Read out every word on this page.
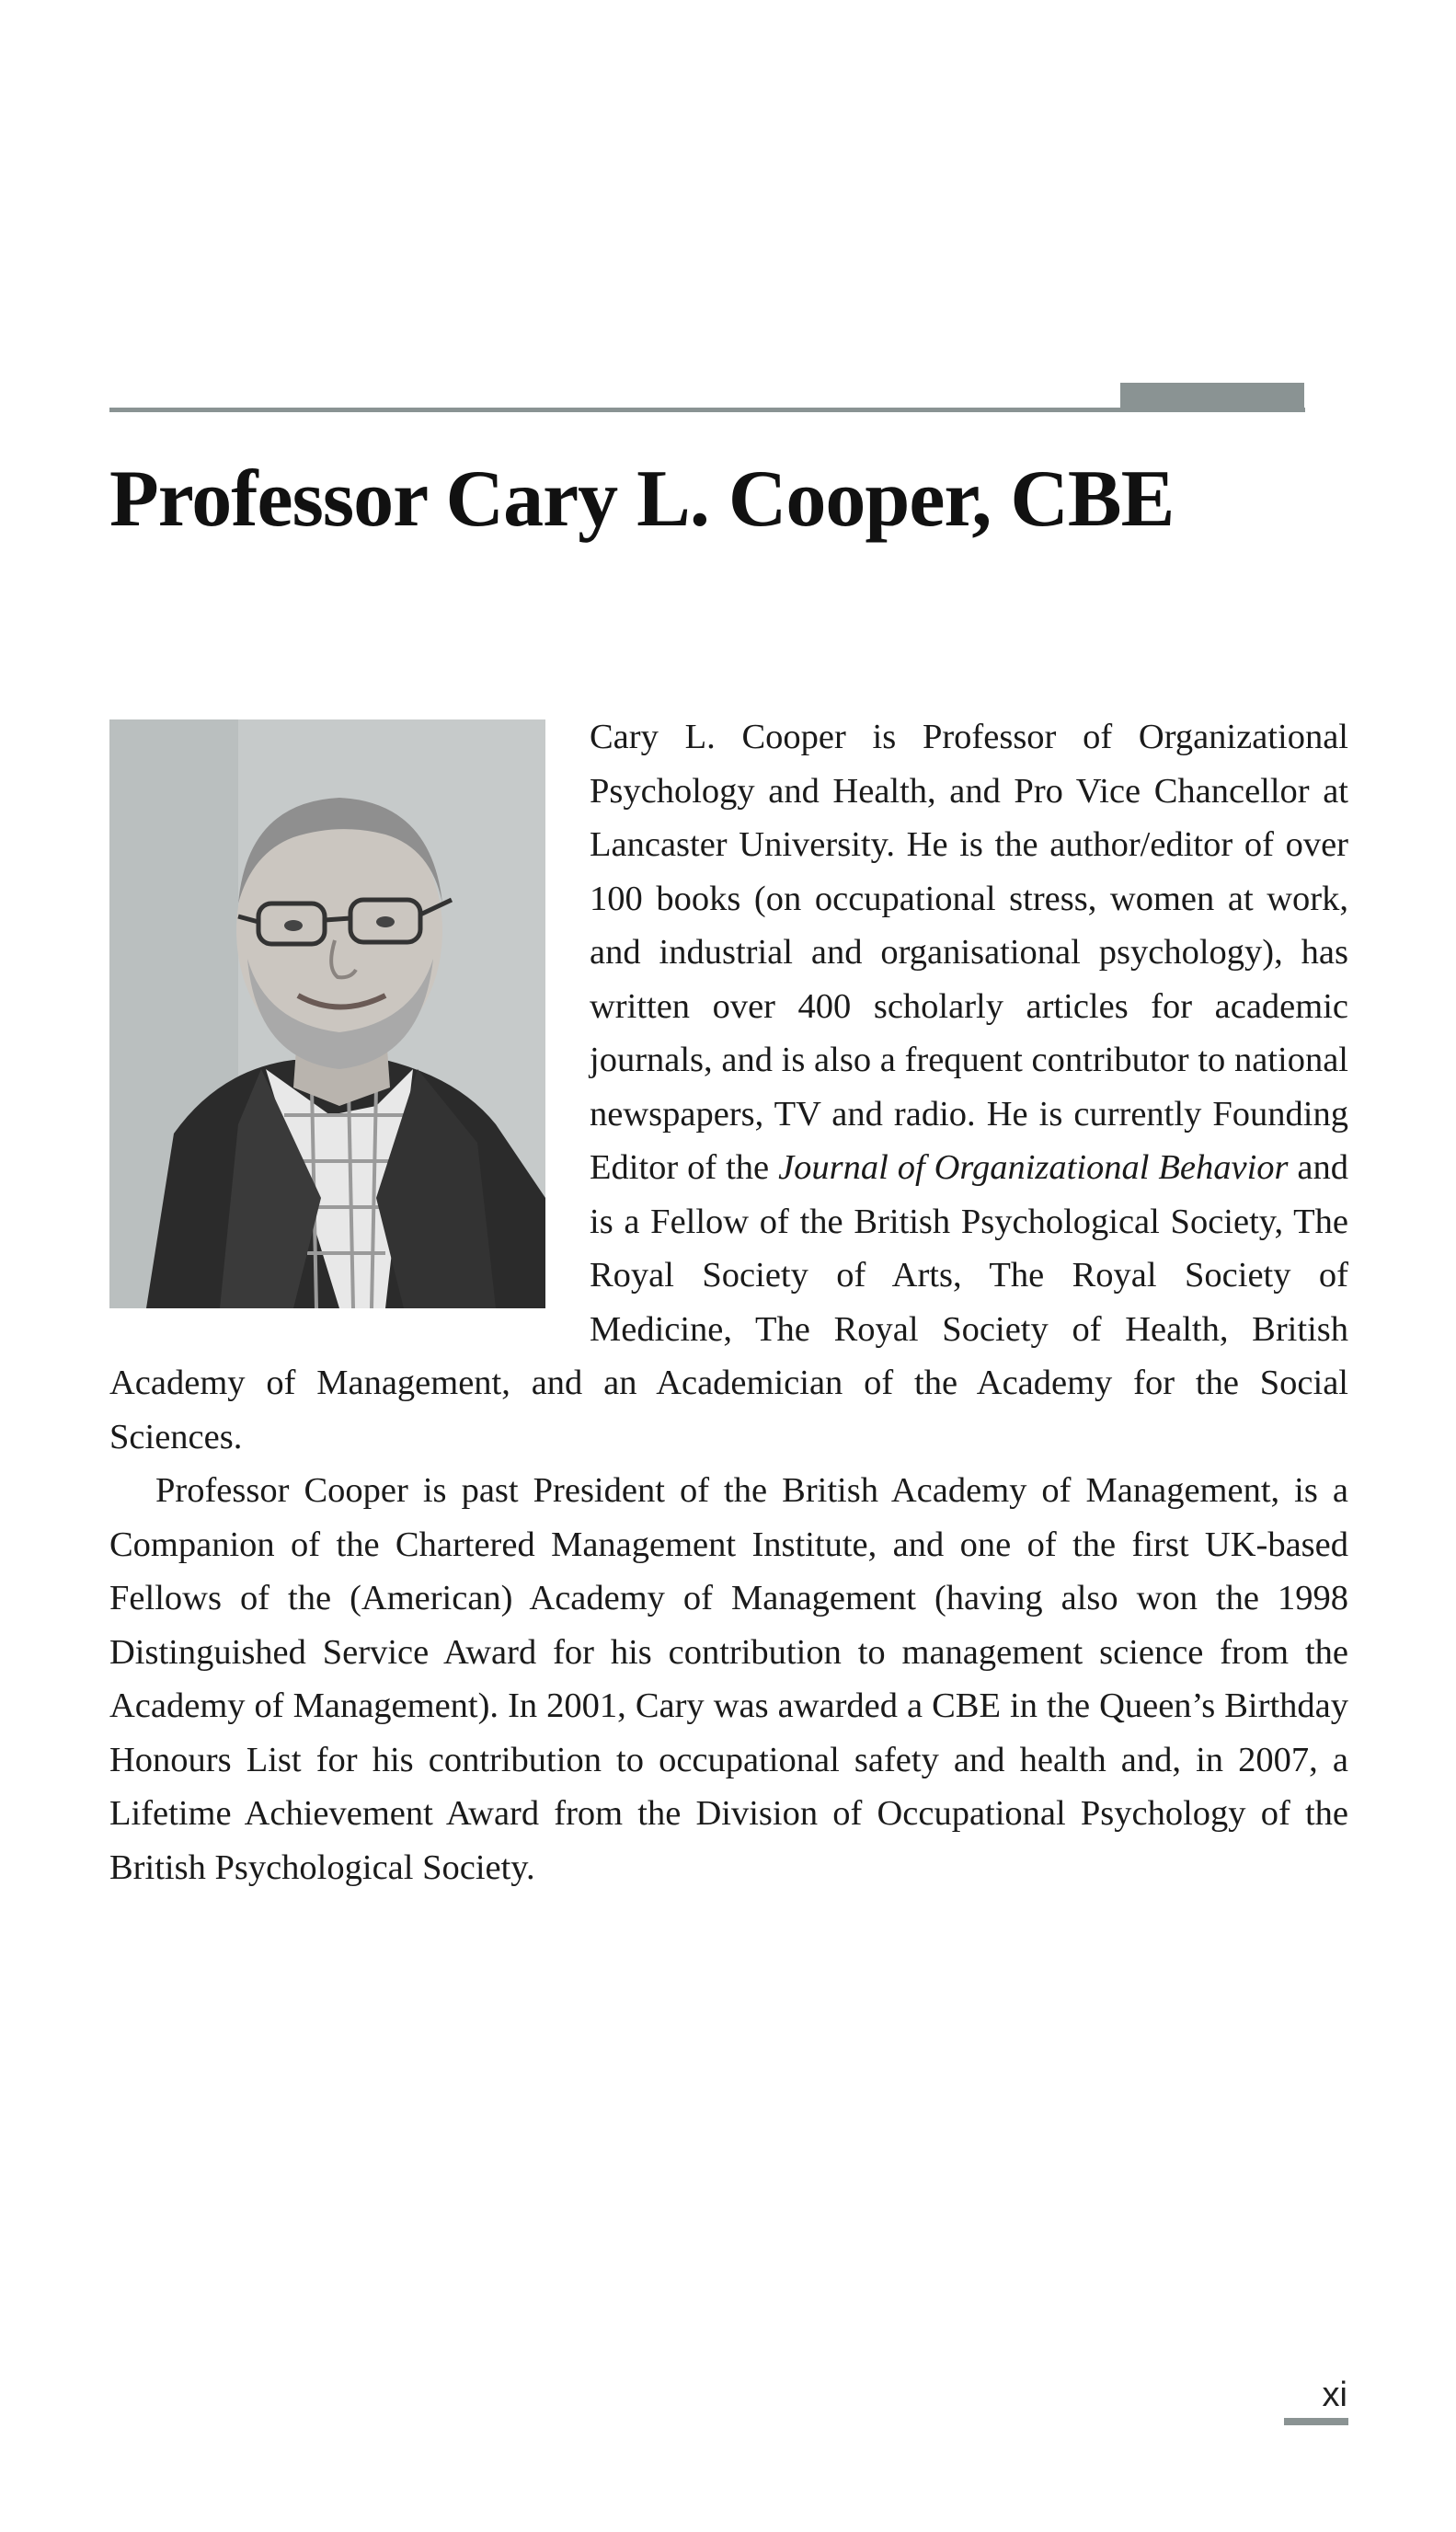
Professor Cary L. Cooper, CBE

Cary L. Cooper is Professor of Organizational Psychology and Health, and Pro Vice Chancellor at Lancaster University. He is the author/editor of over 100 books (on occupational stress, women at work, and industrial and organisational psychology), has written over 400 scholarly articles for academic journals, and is also a frequent contributor to national newspapers, TV and radio. He is currently Founding Editor of the Journal of Organizational Behavior and is a Fellow of the British Psychological Society, The Royal Society of Arts, The Royal Society of Medicine, The Royal Society of Health, British Academy of Management, and an Academician of the Academy for the Social Sciences.

Professor Cooper is past President of the British Academy of Management, is a Companion of the Chartered Management Institute, and one of the first UK-based Fellows of the (American) Academy of Management (having also won the 1998 Distinguished Service Award for his contribution to management science from the Academy of Management). In 2001, Cary was awarded a CBE in the Queen’s Birthday Honours List for his contribution to occupational safety and health and, in 2007, a Lifetime Achievement Award from the Division of Occupational Psychology of the British Psychological Society.

xi
